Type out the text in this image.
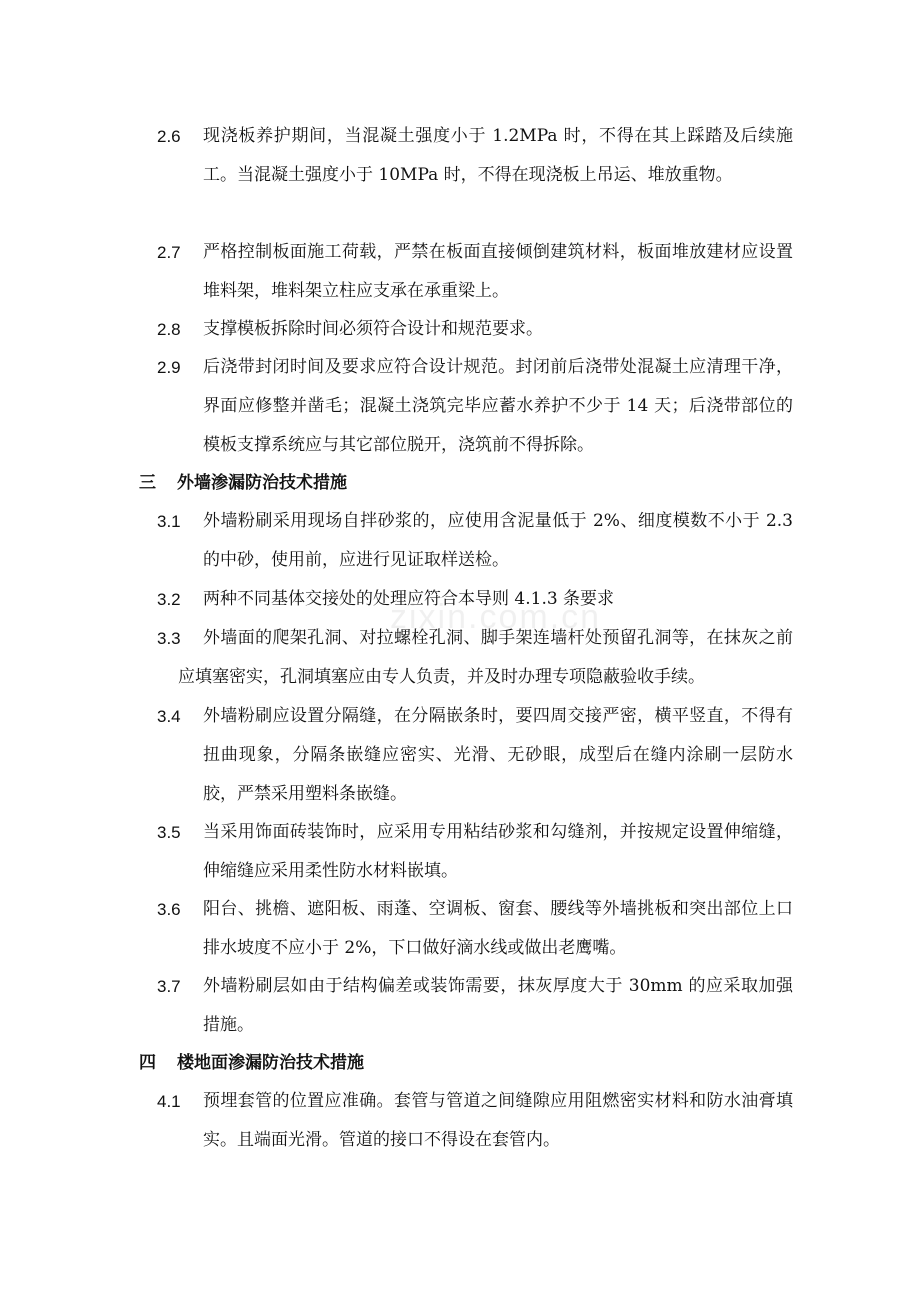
2.6 现浇板养护期间，当混凝土强度小于 1.2MPa 时，不得在其上踩踏及后续施工。当混凝土强度小于 10MPa 时，不得在现浇板上吊运、堆放重物。

2.7 严格控制板面施工荷载，严禁在板面直接倾倒建筑材料，板面堆放建材应设置堆料架，堆料架立柱应支承在承重梁上。

2.8 支撑模板拆除时间必须符合设计和规范要求。

2.9 后浇带封闭时间及要求应符合设计规范。封闭前后浇带处混凝土应清理干净，界面应修整并凿毛；混凝土浇筑完毕应蓄水养护不少于 14 天；后浇带部位的模板支撑系统应与其它部位脱开，浇筑前不得拆除。

三 外墙渗漏防治技术措施
3.1 外墙粉刷采用现场自拌砂浆的，应使用含泥量低于 2%、细度模数不小于 2.3 的中砂，使用前，应进行见证取样送检。

3.2 两种不同基体交接处的处理应符合本导则 4.1.3 条要求

3.3	外墙面的爬架孔洞、对拉螺栓孔洞、脚手架连墙杆处预留孔洞等，在抹灰之前应填塞密实，孔洞填塞应由专人负责，并及时办理专项隐蔽验收手续。

3.4 外墙粉刷应设置分隔缝，在分隔嵌条时，要四周交接严密，横平竖直，不得有扭曲现象，分隔条嵌缝应密实、光滑、无砂眼，成型后在缝内涂刷一层防水胶，严禁采用塑料条嵌缝。

3.5 当采用饰面砖装饰时，应采用专用粘结砂浆和勾缝剂，并按规定设置伸缩缝，伸缩缝应采用柔性防水材料嵌填。

3.6 阳台、挑檐、遮阳板、雨蓬、空调板、窗套、腰线等外墙挑板和突出部位上口排水坡度不应小于 2%，下口做好滴水线或做出老鹰嘴。

3.7 外墙粉刷层如由于结构偏差或装饰需要，抹灰厚度大于 30mm 的应采取加强措施。

四 楼地面渗漏防治技术措施
4.1 预埋套管的位置应准确。套管与管道之间缝隙应用阻燃密实材料和防水油膏填实。且端面光滑。管道的接口不得设在套管内。

zixin.com.cn
